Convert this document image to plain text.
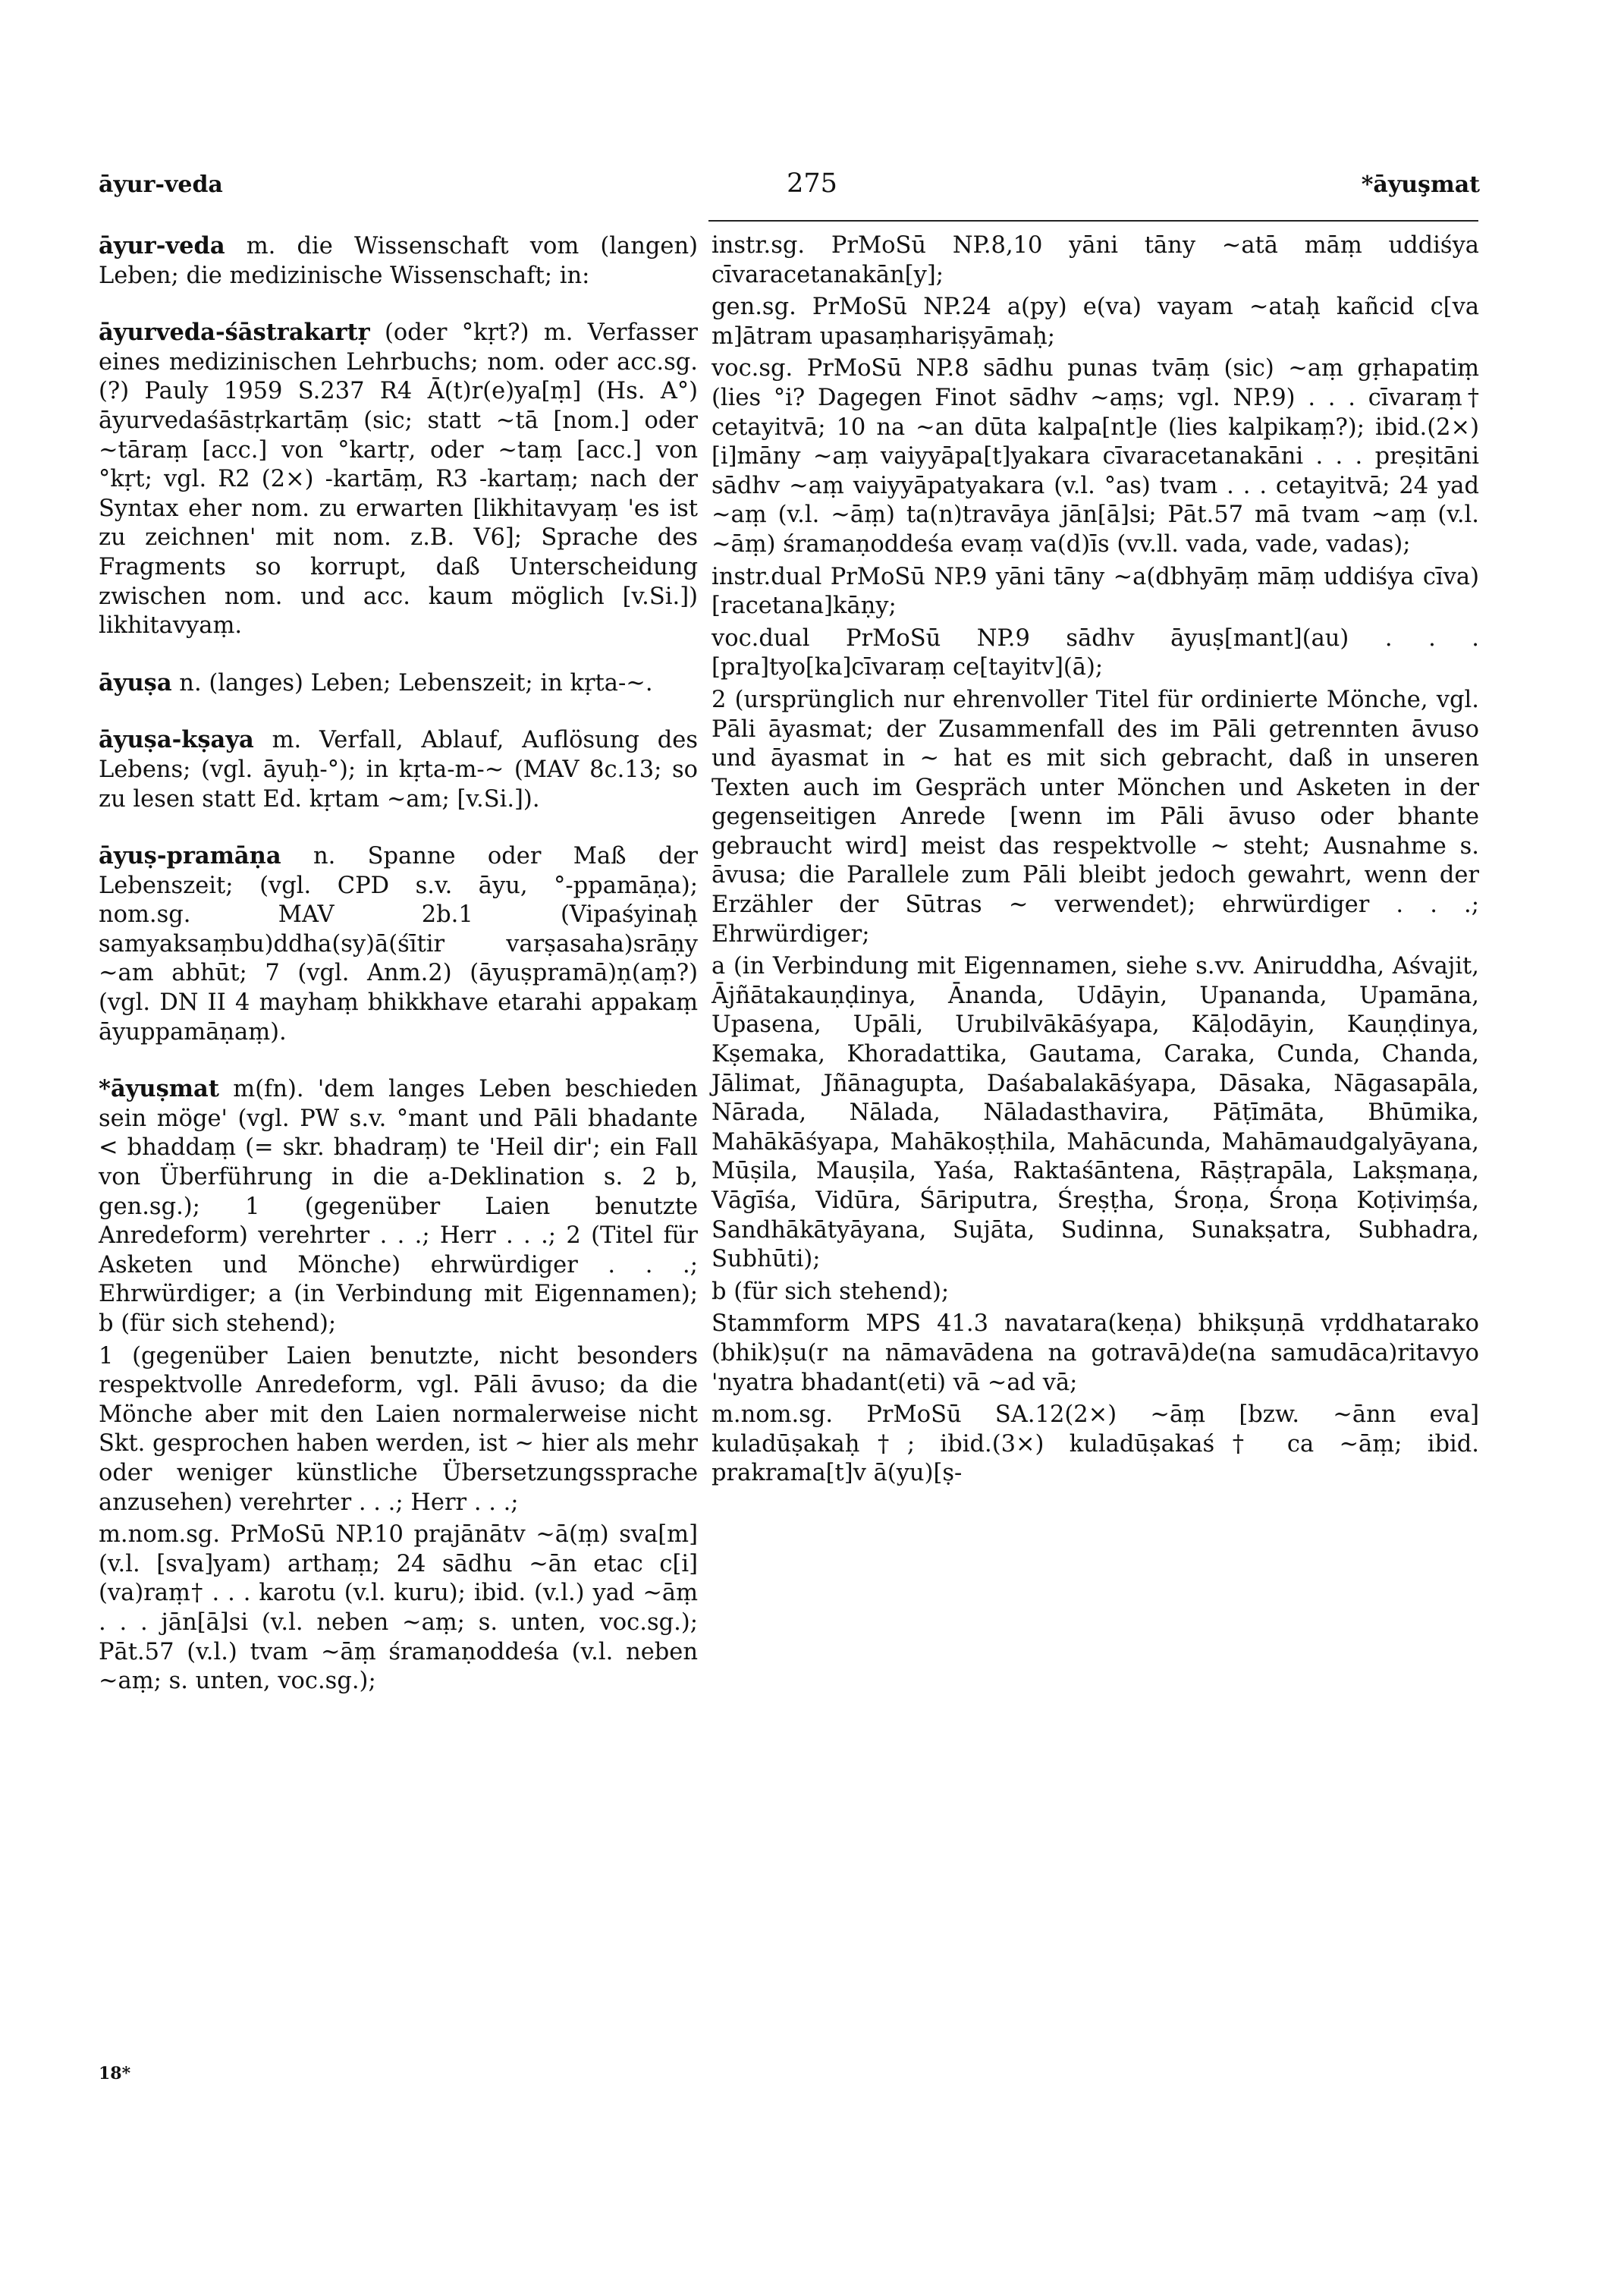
āyur-veda	275	*āyuşmat

āyur-veda m. die Wissenschaft vom (langen) Leben; die medizinische Wissenschaft; in:

āyurveda-śāstrakartṛ (oder °kṛt?) m. Verfasser eines medizinischen Lehrbuchs; nom. oder acc.sg.(?) Pauly 1959 S.237 R4 Ā(t)r(e)ya[ṃ] (Hs. A°) āyurvedaśāstṛkartāṃ (sic; statt ~tā [nom.] oder ~tāraṃ [acc.] von °kartṛ, oder ~taṃ [acc.] von °kṛt; vgl. R2 (2×) -kartāṃ, R3 -kartaṃ; nach der Syntax eher nom. zu erwarten [likhitavyaṃ 'es ist zu zeichnen' mit nom. z.B. V6]; Sprache des Fragments so korrupt, daß Unterscheidung zwischen nom. und acc. kaum möglich [v.Si.]) likhitavyaṃ.

āyuṣa n. (langes) Leben; Lebenszeit; in kṛta-~.

āyuṣa-kṣaya m. Verfall, Ablauf, Auflösung des Lebens; (vgl. āyuḥ-°); in kṛta-m-~ (MAV 8c.13; so zu lesen statt Ed. kṛtam ~am; [v.Si.]).

āyuṣ-pramāṇa n. Spanne oder Maß der Lebenszeit; (vgl. CPD s.v. āyu, °-ppamāṇa); nom.sg. MAV 2b.1 (Vipaśyinaḥ samyaksaṃbu)ddha(sy)ā(śītir varṣasaha)srāṇy ~am abhūt; 7 (vgl. Anm.2) (āyuṣpramā)ṇ(aṃ?) (vgl. DN II 4 mayhaṃ bhikkhave etarahi appakaṃ āyuppamāṇaṃ).

*āyuṣmat m(fn). 'dem langes Leben beschieden sein möge' (vgl. PW s.v. °mant und Pāli bhadante < bhaddaṃ (= skr. bhadraṃ) te 'Heil dir'; ein Fall von Überführung in die a-Deklination s. 2 b, gen.sg.); 1 (gegenüber Laien benutzte Anredeform) verehrter . . .; Herr . . .; 2 (Titel für Asketen und Mönche) ehrwürdiger . . .; Ehrwürdiger; a (in Verbindung mit Eigennamen); b (für sich stehend);

1 (gegenüber Laien benutzte, nicht besonders respektvolle Anredeform, vgl. Pāli āvuso; da die Mönche aber mit den Laien normalerweise nicht Skt. gesprochen haben werden, ist ~ hier als mehr oder weniger künstliche Übersetzungssprache anzusehen) verehrter . . .; Herr . . .;

m.nom.sg. PrMoSū NP.10 prajānātv ~ā(ṃ) sva[m] (v.l. [sva]yam) arthaṃ; 24 sādhu ~ān etac c[i](va)raṃ† . . . karotu (v.l. kuru); ibid. (v.l.) yad ~āṃ . . . jān[ā]si (v.l. neben ~aṃ; s. unten, voc.sg.); Pāt.57 (v.l.) tvam ~āṃ śramaṇoddeśa (v.l. neben ~aṃ; s. unten, voc.sg.);

instr.sg. PrMoSū NP.8,10 yāni tāny ~atā māṃ uddiśya cīvaracetanakān[y];

gen.sg. PrMoSū NP.24 a(py) e(va) vayam ~ataḥ kañcid c[va m]ātram upasaṃhariṣyāmaḥ;

voc.sg. PrMoSū NP.8 sādhu punas tvāṃ (sic) ~aṃ gṛhapatiṃ (lies °i? Dagegen Finot sādhv ~aṃs; vgl. NP.9) . . . cīvaraṃ† cetayitvā; 10 na ~an dūta kalpa[nt]e (lies kalpikaṃ?); ibid.(2×) [i]māny ~aṃ vaiyyāpa[t]yakara cīvaracetanakāni . . . preṣitāni sādhv ~aṃ vaiyyāpatyakara (v.l. °as) tvam . . . cetayitvā; 24 yad ~aṃ (v.l. ~āṃ) ta(n)travāya jān[ā]si; Pāt.57 mā tvam ~aṃ (v.l. ~āṃ) śramaṇoddeśa evaṃ va(d)īs (vv.ll. vada, vade, vadas);

instr.dual PrMoSū NP.9 yāni tāny ~a(dbhyāṃ māṃ uddiśya cīva)[racetana]kāṇy;

voc.dual PrMoSū NP.9 sādhv āyuṣ[mant](au) . . . [pra]tyo[ka]cīvaraṃ ce[tayitv](ā);

2 (ursprünglich nur ehrenvoller Titel für ordinierte Mönche, vgl. Pāli āyasmat; der Zusammenfall des im Pāli getrennten āvuso und āyasmat in ~ hat es mit sich gebracht, daß in unseren Texten auch im Gespräch unter Mönchen und Asketen in der gegenseitigen Anrede [wenn im Pāli āvuso oder bhante gebraucht wird] meist das respektvolle ~ steht; Ausnahme s. āvusa; die Parallele zum Pāli bleibt jedoch gewahrt, wenn der Erzähler der Sūtras ~ verwendet); ehrwürdiger . . .; Ehrwürdiger;

a (in Verbindung mit Eigennamen, siehe s.vv. Aniruddha, Aśvajit, Ājñātakauṇḍinya, Ānanda, Udāyin, Upananda, Upamāna, Upasena, Upāli, Urubilvākāśyapa, Kāḷodāyin, Kauṇḍinya, Kṣemaka, Khoradattika, Gautama, Caraka, Cunda, Chanda, Jālimat, Jñānagupta, Daśabalakāśyapa, Dāsaka, Nāgasapāla, Nārada, Nālada, Nāladasthavira, Pāṭīmāta, Bhūmika, Mahākāśyapa, Mahākoṣṭhila, Mahācunda, Mahāmaudgalyāyana, Mūṣila, Mauṣila, Yaśa, Raktaśāntena, Rāṣṭrapāla, Lakṣmaṇa, Vāgīśa, Vidūra, Śāriputra, Śreṣṭha, Śroṇa, Śroṇa Koṭiviṃśa, Sandhākātyāyana, Sujāta, Sudinna, Sunakṣatra, Subhadra, Subhūti);

b (für sich stehend);

Stammform MPS 41.3 navatara(keṇa) bhikṣuṇā vṛddhatarako (bhik)ṣu(r na nāmavādena na gotravā)de(na samudāca)ritavyo 'nyatra bhadant(eti) vā ~ad vā;

m.nom.sg. PrMoSū SA.12(2×) ~āṃ [bzw. ~ānn eva] kuladūṣakaḥ†; ibid.(3×) kuladūṣakaś† ca ~āṃ; ibid. prakrama[t]v ā(yu)[ṣ-

18*
